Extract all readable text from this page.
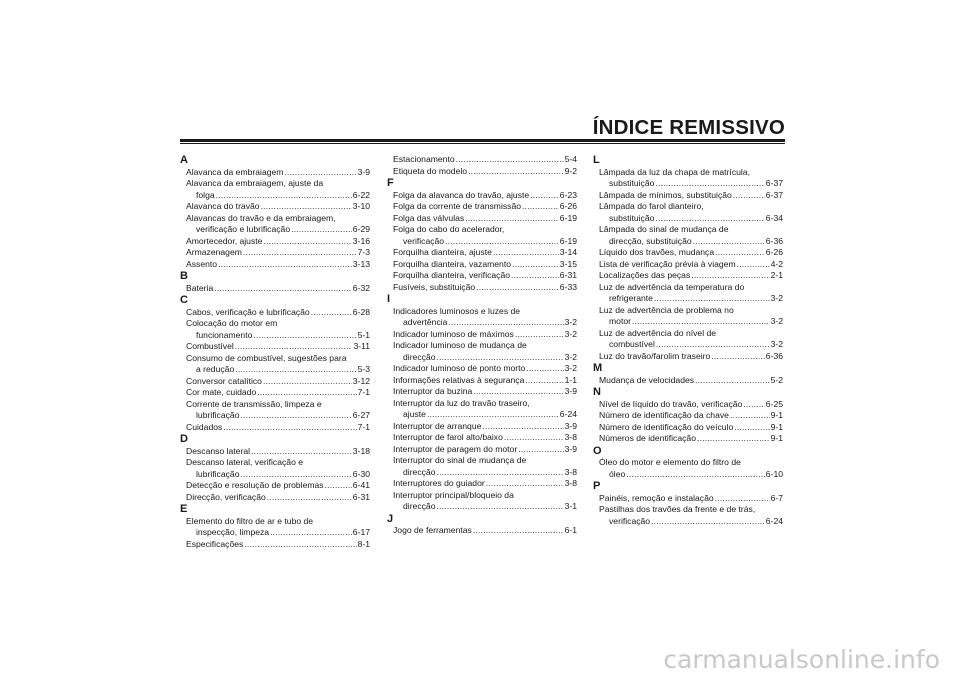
ÍNDICE REMISSIVO
A
Alavanca da embraiagem .....	3-9
Alavanca da embraiagem, ajuste da
folga .....	6-22
Alavanca do travão .....	3-10
Alavancas do travão e da embraiagem,
verificação e lubrificação .....	6-29
Amortecedor, ajuste .....	3-16
Armazenagem .....	7-3
Assento .....	3-13
B
Bateria .....	6-32
C
Cabos, verificação e lubrificação .....	6-28
Colocação do motor em
funcionamento .....	5-1
Combustível .....	3-11
Consumo de combustível, sugestões para
a redução .....	5-3
Conversor catalítico .....	3-12
Cor mate, cuidado .....	7-1
Corrente de transmissão, limpeza e
lubrificação .....	6-27
Cuidados .....	7-1
D
Descanso lateral .....	3-18
Descanso lateral, verificação e
lubrificação .....	6-30
Detecção e resolução de problemas .....	6-41
Direcção, verificação .....	6-31
E
Elemento do filtro de ar e tubo de
inspecção, limpeza .....	6-17
Especificações .....	8-1
Estacionamento .....	5-4
Etiqueta do modelo .....	9-2
F
Folga da alavanca do travão, ajuste .....	6-23
Folga da corrente de transmissão .....	6-26
Folga das válvulas .....	6-19
Folga do cabo do acelerador,
verificação .....	6-19
Forquilha dianteira, ajuste .....	3-14
Forquilha dianteira, vazamento .....	3-15
Forquilha dianteira, verificação .....	6-31
Fusíveis, substituição .....	6-33
I
Indicadores luminosos e luzes de
advertência .....	3-2
Indicador luminoso de máximos .....	3-2
Indicador luminoso de mudança de
direcção .....	3-2
Indicador luminoso de ponto morto .....	3-2
Informações relativas à segurança .....	1-1
Interruptor da buzina .....	3-9
Interruptor da luz do travão traseiro,
ajuste .....	6-24
Interruptor de arranque .....	3-9
Interruptor de farol alto/baixo .....	3-8
Interruptor de paragem do motor .....	3-9
Interruptor do sinal de mudança de
direcção .....	3-8
Interruptores do guiador .....	3-8
Interruptor principal/bloqueio da
direcção .....	3-1
J
Jogo de ferramentas .....	6-1
L
Lâmpada da luz da chapa de matrícula,
substituição .....	6-37
Lâmpada de mínimos, substituição .....	6-37
Lâmpada do farol dianteiro,
substituição .....	6-34
Lâmpada do sinal de mudança de
direcção, substituição .....	6-36
Líquido dos travões, mudança .....	6-26
Lista de verificação prévia à viagem .....	4-2
Localizações das peças .....	2-1
Luz de advertência da temperatura do
refrigerante .....	3-2
Luz de advertência de problema no
motor .....	3-2
Luz de advertência do nível de
combustível .....	3-2
Luz do travão/farolim traseiro .....	6-36
M
Mudança de velocidades .....	5-2
N
Nível de líquido do travão, verificação .....	6-25
Número de identificação da chave .....	9-1
Número de identificação do veículo .....	9-1
Números de identificação .....	9-1
O
Óleo do motor e elemento do filtro de
óleo .....	6-10
P
Painéis, remoção e instalação .....	6-7
Pastilhas dos travões da frente e de trás,
verificação .....	6-24
carmanualsonline.info
